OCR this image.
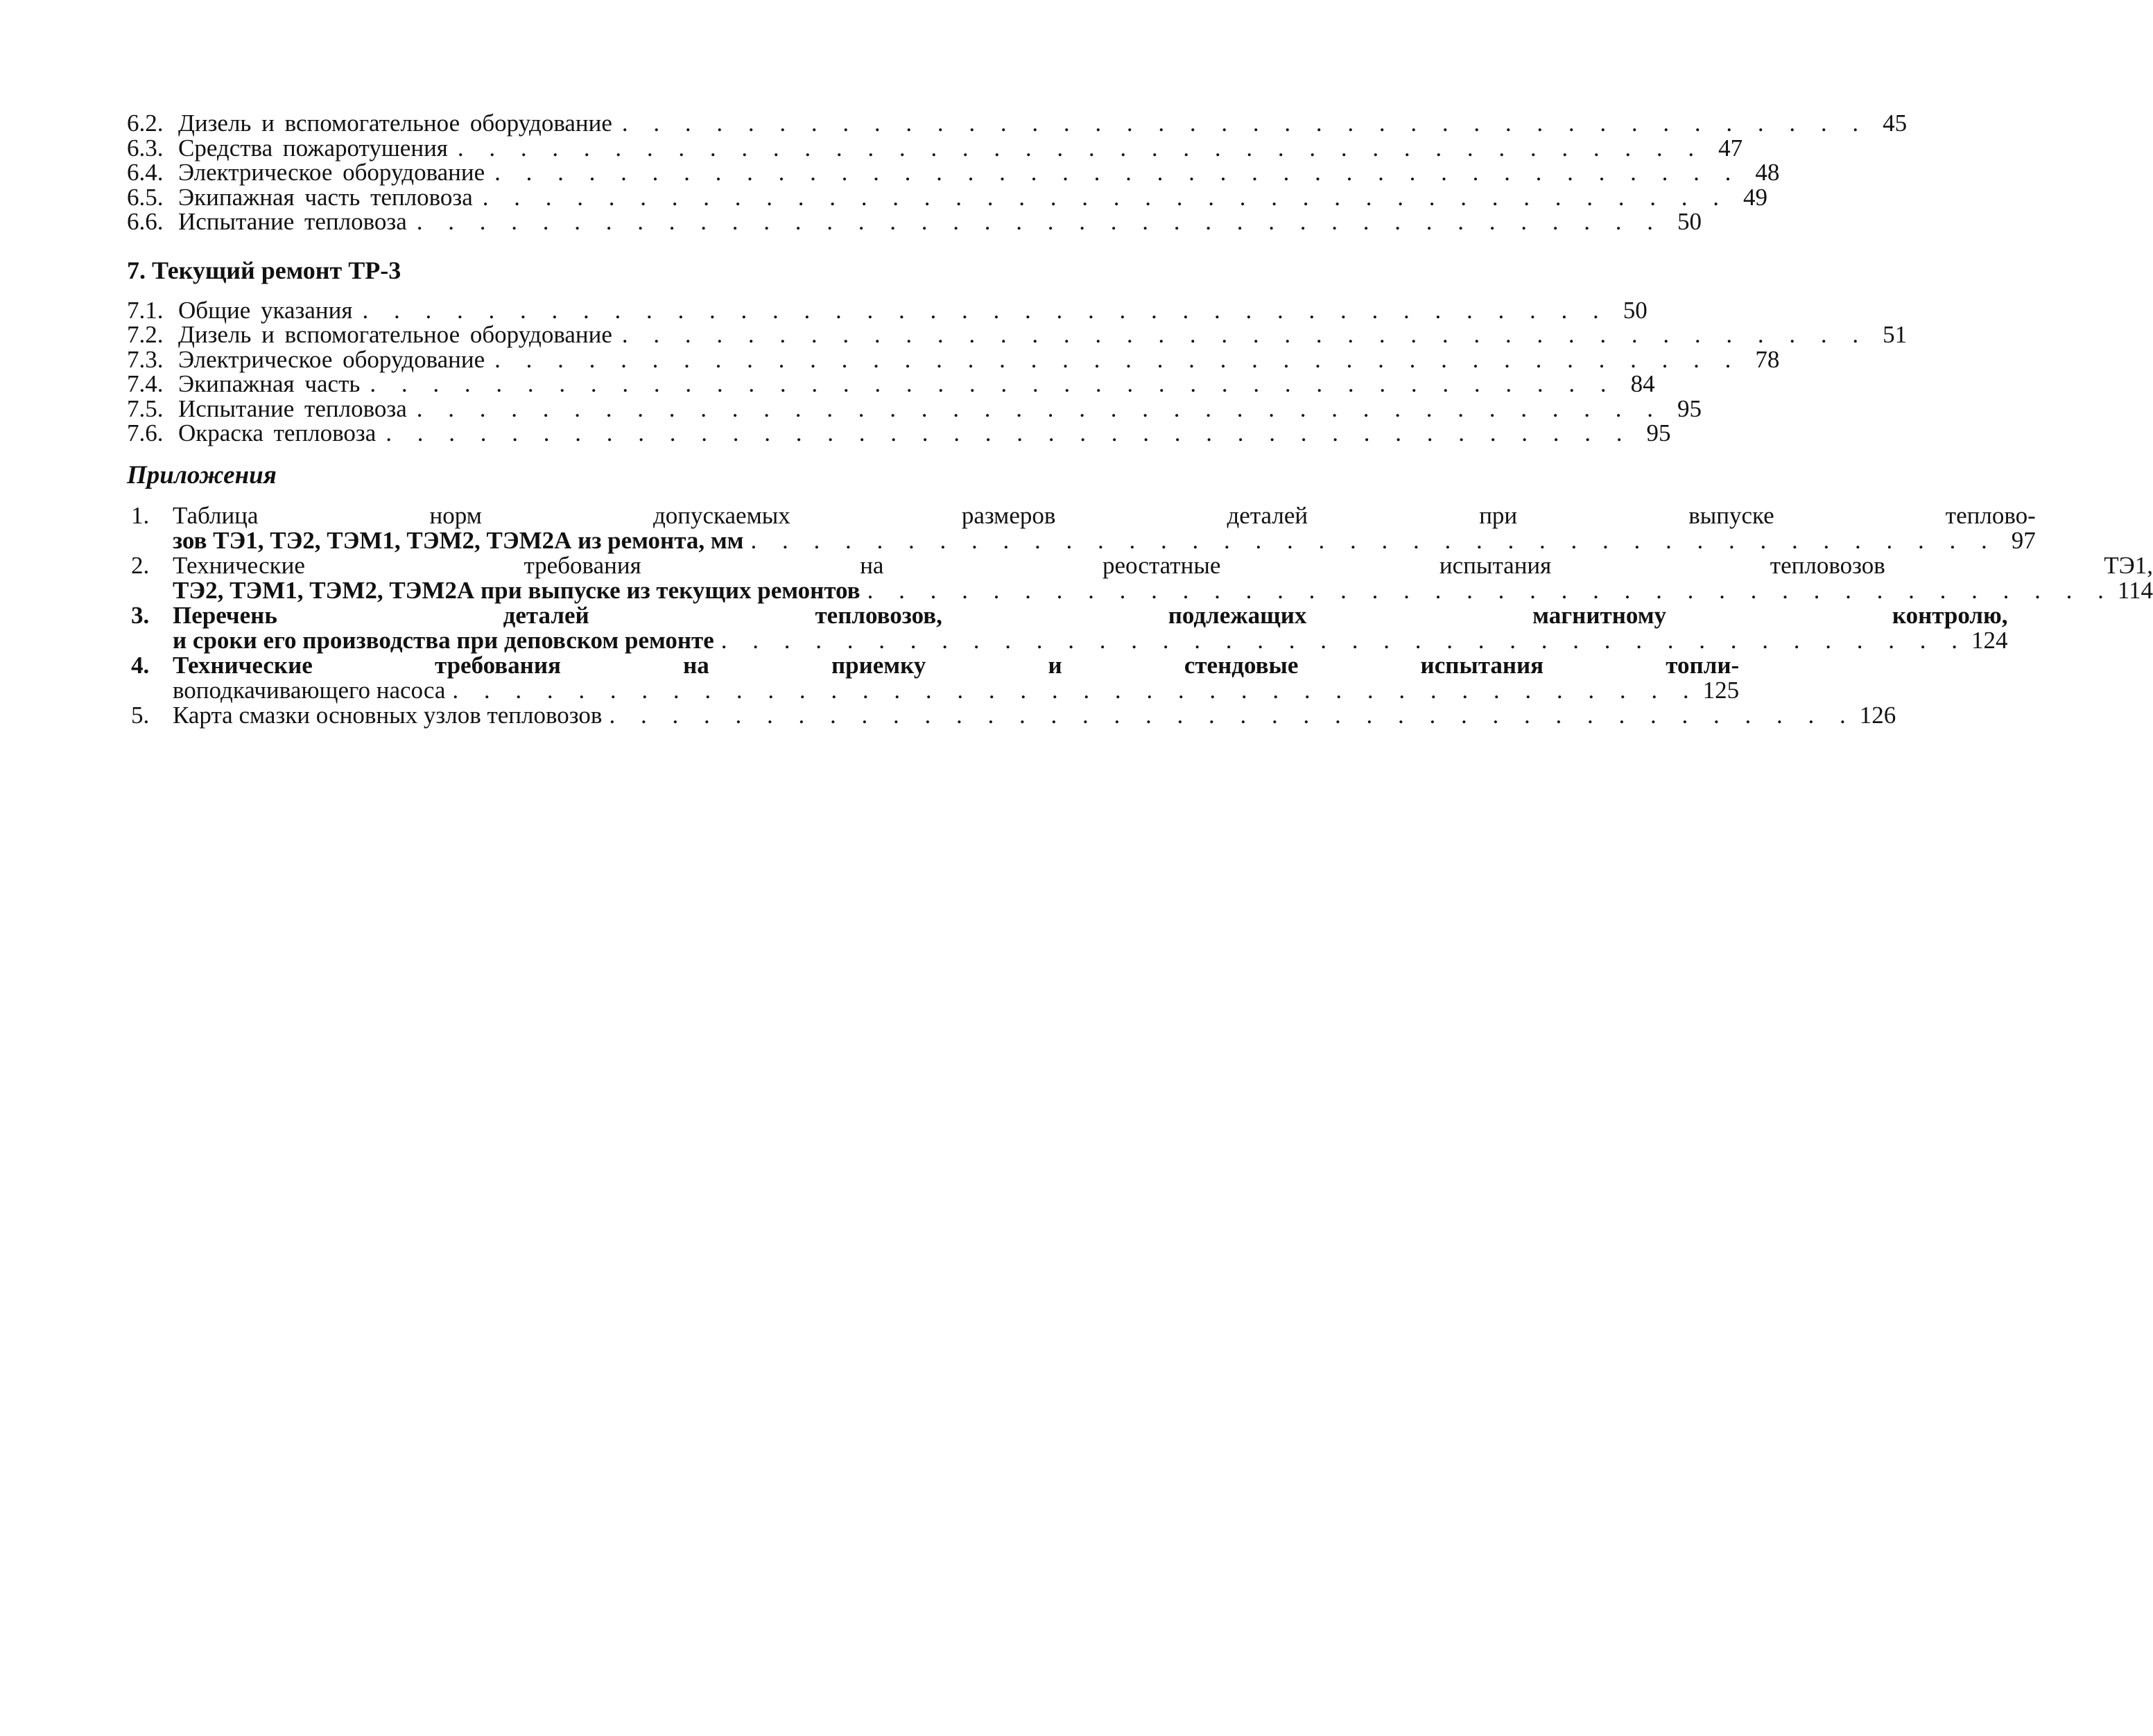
6.2. Дизель и вспомогательное оборудование . . . . . . . . . . . . . . . . . . . . . . . . . . . . . . . . . . . . . . . . 45
6.3. Средства пожаротушения . . . . . . . . . . . . . . . . . . . . . . . . . . . . . . . . . . . . . . . . 47
6.4. Электрическое оборудование . . . . . . . . . . . . . . . . . . . . . . . . . . . . . . . . . . . . . . . . 48
6.5. Экипажная часть тепловоза . . . . . . . . . . . . . . . . . . . . . . . . . . . . . . . . . . . . . . . . 49
6.6. Испытание тепловоза . . . . . . . . . . . . . . . . . . . . . . . . . . . . . . . . . . . . . . . . 50
7. Текущий ремонт ТР-3
7.1. Общие указания . . . . . . . . . . . . . . . . . . . . . . . . . . . . . . . . . . . . . . . . 50
7.2. Дизель и вспомогательное оборудование . . . . . . . . . . . . . . . . . . . . . . . . . . . . . . . . . . . . . . . . 51
7.3. Электрическое оборудование . . . . . . . . . . . . . . . . . . . . . . . . . . . . . . . . . . . . . . . . 78
7.4. Экипажная часть . . . . . . . . . . . . . . . . . . . . . . . . . . . . . . . . . . . . . . . . 84
7.5. Испытание тепловоза . . . . . . . . . . . . . . . . . . . . . . . . . . . . . . . . . . . . . . . . 95
7.6. Окраска тепловоза . . . . . . . . . . . . . . . . . . . . . . . . . . . . . . . . . . . . . . . . 95
Приложения
1. Таблица норм допускаемых размеров деталей при выпуске теплово-
зов ТЭ1, ТЭ2, ТЭМ1, ТЭМ2, ТЭМ2А из ремонта, мм . . . . . . . . . . . . . . . . . . . . . . . . . . . . . . . . . . . . . . . . 97
2. Технические требования на реостатные испытания тепловозов ТЭ1,
ТЭ2, ТЭМ1, ТЭМ2, ТЭМ2А при выпуске из текущих ремонтов . . . . . . . . . . . . . . . . . . . . . . . . . . . . . . . . . . . . . . . . 114
3. Перечень деталей тепловозов, подлежащих магнитному контролю,
и сроки его производства при деповском ремонте . . . . . . . . . . . . . . . . . . . . . . . . . . . . . . . . . . . . . . . . 124
4. Технические требования на приемку и стендовые испытания топли-
воподкачивающего насоса . . . . . . . . . . . . . . . . . . . . . . . . . . . . . . . . . . . . . . . . 125
5. Карта смазки основных узлов тепловозов . . . . . . . . . . . . . . . . . . . . . . . . . . . . . . . . . . . . . . . . 126
